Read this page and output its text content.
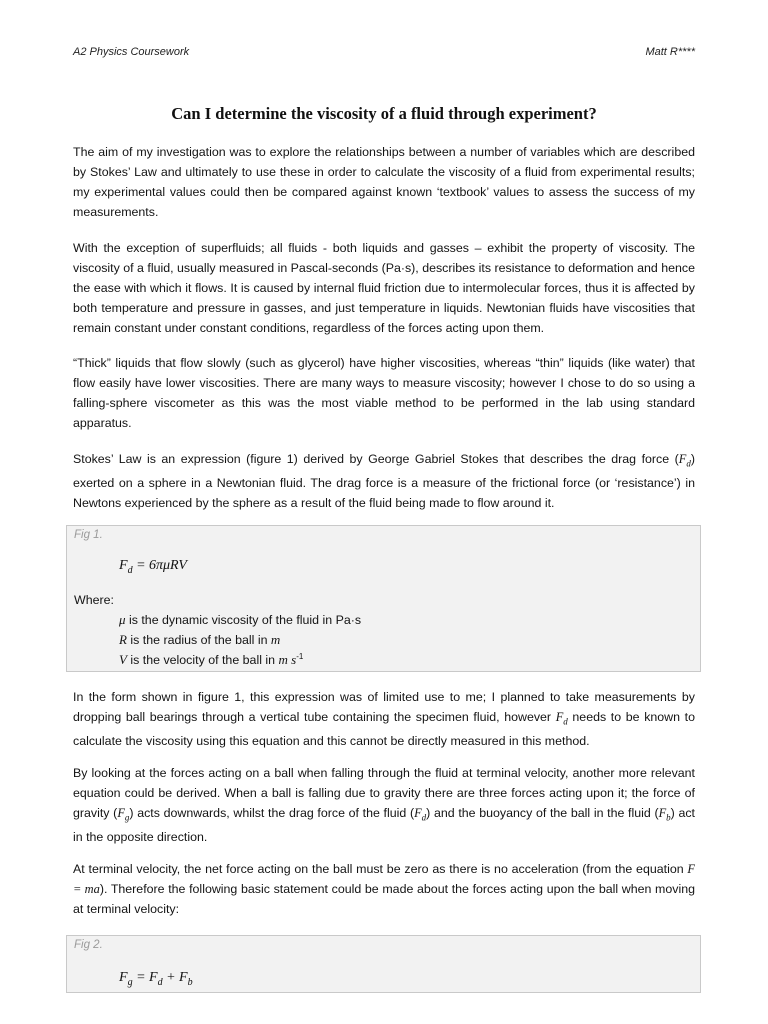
A2 Physics Coursework	Matt R****
Can I determine the viscosity of a fluid through experiment?

The aim of my investigation was to explore the relationships between a number of variables which are described by Stokes’ Law and ultimately to use these in order to calculate the viscosity of a fluid from experimental results; my experimental values could then be compared against known ‘textbook’ values to assess the success of my measurements.

With the exception of superfluids; all fluids - both liquids and gasses – exhibit the property of viscosity. The viscosity of a fluid, usually measured in Pascal-seconds (Pa·s), describes its resistance to deformation and hence the ease with which it flows. It is caused by internal fluid friction due to intermolecular forces, thus it is affected by both temperature and pressure in gasses, and just temperature in liquids. Newtonian fluids have viscosities that remain constant under constant conditions, regardless of the forces acting upon them.

“Thick” liquids that flow slowly (such as glycerol) have higher viscosities, whereas “thin” liquids (like water) that flow easily have lower viscosities. There are many ways to measure viscosity; however I chose to do so using a falling-sphere viscometer as this was the most viable method to be performed in the lab using standard apparatus.

Stokes’ Law is an expression (figure 1) derived by George Gabriel Stokes that describes the drag force $(F_d)$ exerted on a sphere in a Newtonian fluid. The drag force is a measure of the frictional force (or ‘resistance’) in Newtons experienced by the sphere as a result of the fluid being made to flow around it.

Fig 1.
$F_d = 6\pi\mu RV$
Where:
μ is the dynamic viscosity of the fluid in Pa·s
R is the radius of the ball in m
V is the velocity of the ball in m $s^{-1}$

In the form shown in figure 1, this expression was of limited use to me; I planned to take measurements by dropping ball bearings through a vertical tube containing the specimen fluid, however $F_d$ needs to be known to calculate the viscosity using this equation and this cannot be directly measured in this method.

By looking at the forces acting on a ball when falling through the fluid at terminal velocity, another more relevant equation could be derived. When a ball is falling due to gravity there are three forces acting upon it; the force of gravity $(F_g)$ acts downwards, whilst the drag force of the fluid $(F_d)$ and the buoyancy of the ball in the fluid $(F_b)$ act in the opposite direction.

At terminal velocity, the net force acting on the ball must be zero as there is no acceleration (from the equation F = ma). Therefore the following basic statement could be made about the forces acting upon the ball when moving at terminal velocity:

Fig 2.
$F_g = F_d + F_b$
